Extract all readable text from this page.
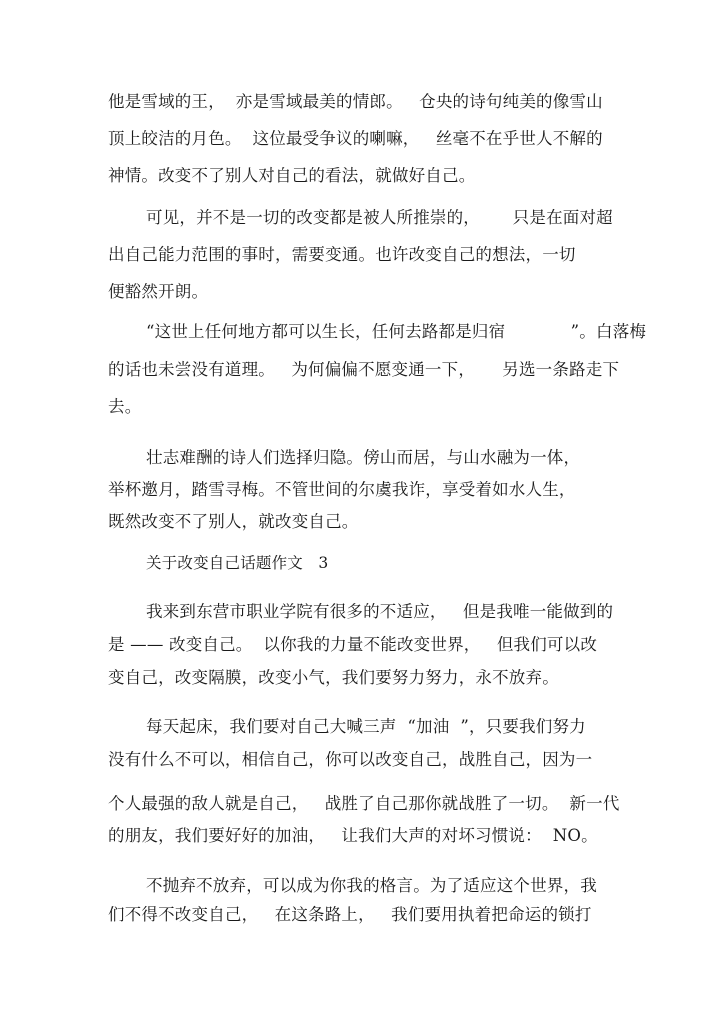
他是雪域的王，  亦是雪域最美的情郎。   仓央的诗句纯美的像雪山
顶上皎洁的月色。  这位最受争议的喇嘛，   丝毫不在乎世人不解的
神情。改变不了别人对自己的看法，就做好自己。
可见，并不是一切的改变都是被人所推崇的，      只是在面对超
出自己能力范围的事时，需要变通。也许改变自己的想法，一切
便豁然开朗。
“这世上任何地方都可以生长，任何去路都是归宿            ”。白落梅
的话也未尝没有道理。   为何偏偏不愿变通一下，     另选一条路走下
去。
壮志难酬的诗人们选择归隐。傍山而居，与山水融为一体，
举杯邀月，踏雪寻梅。不管世间的尔虞我诈，享受着如水人生，
既然改变不了别人，就改变自己。
关于改变自己话题作文   3
我来到东营市职业学院有很多的不适应，   但是我唯一能做到的
是 —— 改变自己。  以你我的力量不能改变世界，   但我们可以改
变自己，改变隔膜，改变小气，我们要努力努力，永不放弃。
每天起床，我们要对自己大喊三声  “加油  ”，只要我们努力
没有什么不可以，相信自己，你可以改变自己，战胜自己，因为一
个人最强的敌人就是自己，   战胜了自己那你就战胜了一切。  新一代
的朋友，我们要好好的加油，   让我们大声的对坏习惯说：  NO。
不抛弃不放弃，可以成为你我的格言。为了适应这个世界，我
们不得不改变自己，   在这条路上，   我们要用执着把命运的锁打
